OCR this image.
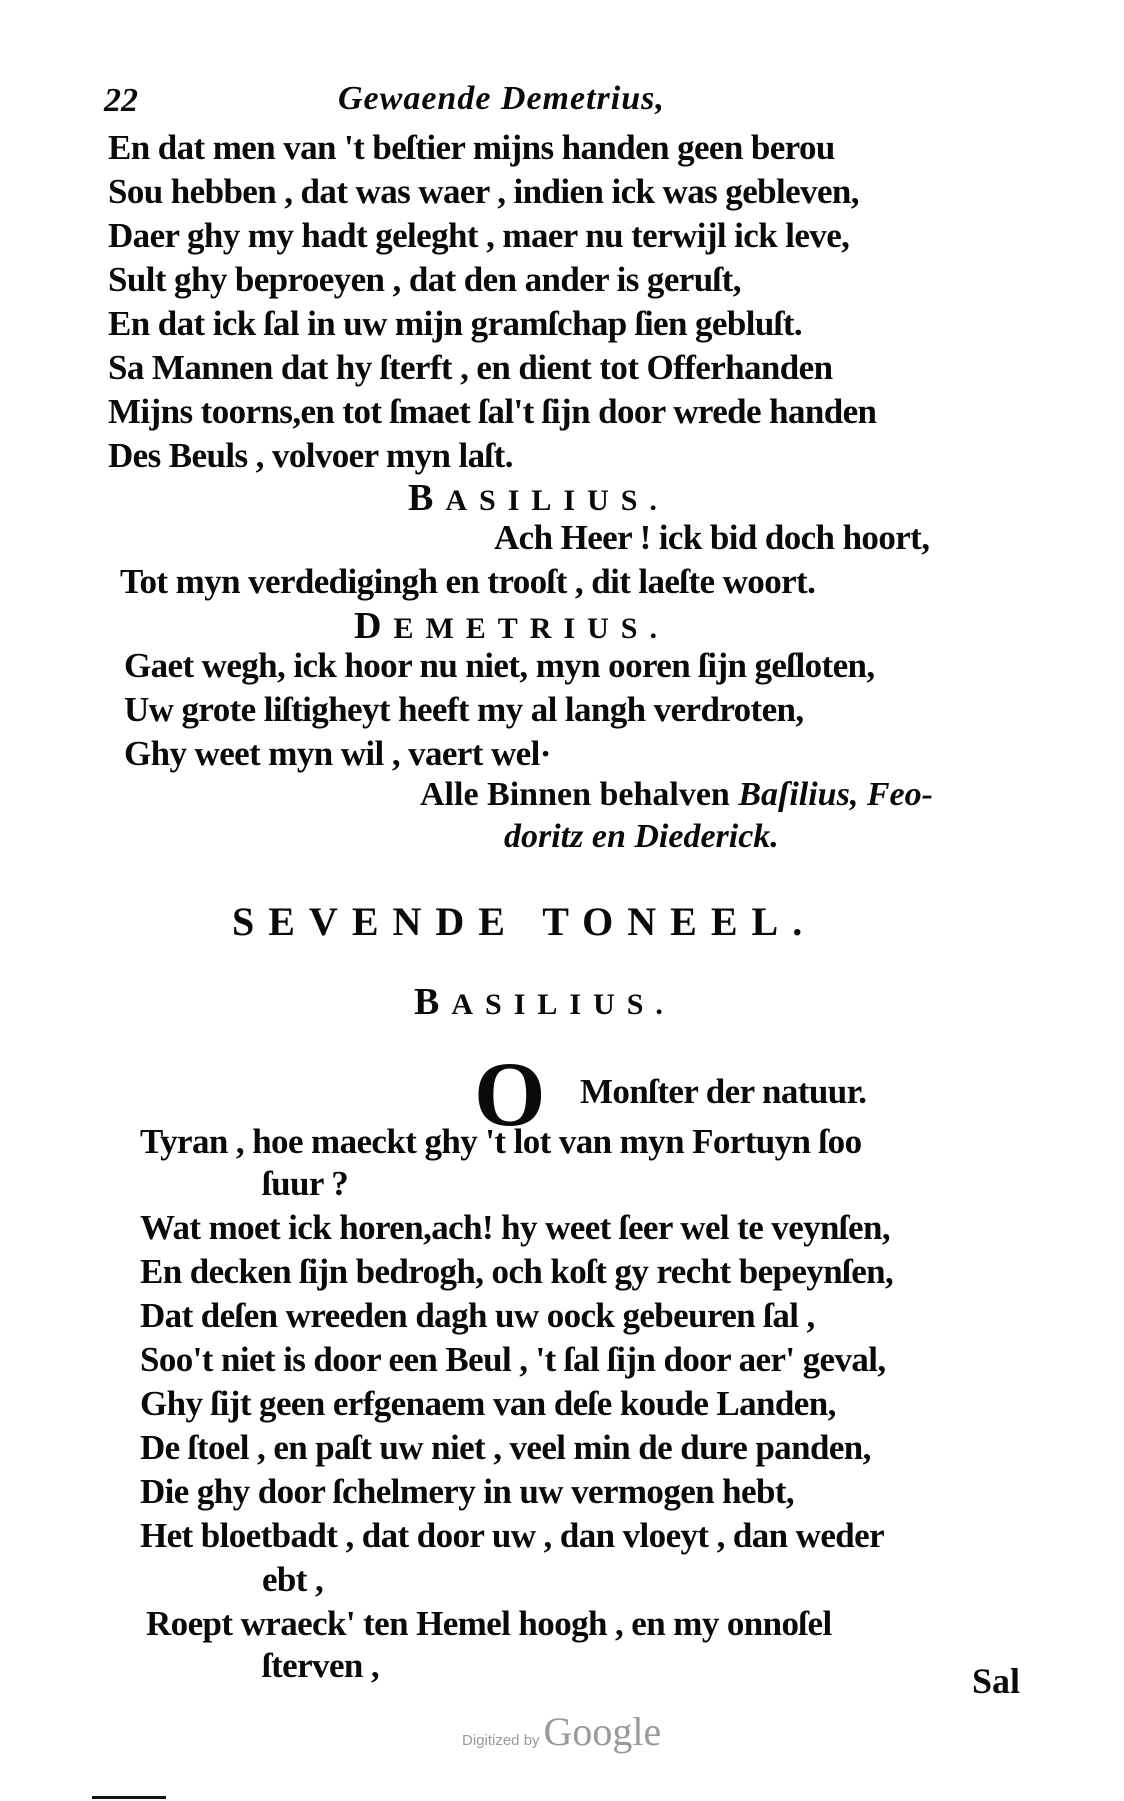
22	Gewaende Demetrius,
En dat men van 't beſtier mijns handen geen berou
Sou hebben , dat was waer , indien ick was gebleven,
Daer ghy my hadt geleght , maer nu terwijl ick leve,
Sult ghy beproeyen , dat den ander is geruſt,
En dat ick ſal in uw mijn gramſchap ſien gebluſt.
Sa Mannen dat hy ſterft , en dient tot Offerhanden
Mijns toorns,en tot ſmaet ſal't ſijn door wrede handen
Des Beuls , volvoer myn laſt.
BASILIUS.
Ach Heer ! ick bid doch hoort,
Tot myn verdedigingh en trooſt , dit laeſte woort.
DEMETRIUS.
Gaet wegh, ick hoor nu niet, myn ooren ſijn geſloten,
Uw grote liſtigheyt heeft my al langh verdroten,
Ghy weet myn wil , vaert wel·
Alle Binnen behalven Baſilius, Feo-
doritz en Diederick.
SEVENDE TONEEL.
BASILIUS.
O Monſter der natuur.
Tyran , hoe maeckt ghy 't lot van myn Fortuyn ſoo
ſuur ?
Wat moet ick horen,ach! hy weet ſeer wel te veynſen,
En decken ſijn bedrogh, och koſt gy recht bepeynſen,
Dat deſen wreeden dagh uw oock gebeuren ſal ,
Soo't niet is door een Beul , 't ſal ſijn door aer' geval,
Ghy ſijt geen erfgenaem van deſe koude Landen,
De ſtoel , en paſt uw niet , veel min de dure panden,
Die ghy door ſchelmery in uw vermogen hebt,
Het bloetbadt , dat door uw , dan vloeyt , dan weder
ebt ,
Roept wraeck' ten Hemel hoogh , en my onnoſel
ſterven ,	Sal
Digitized by Google
